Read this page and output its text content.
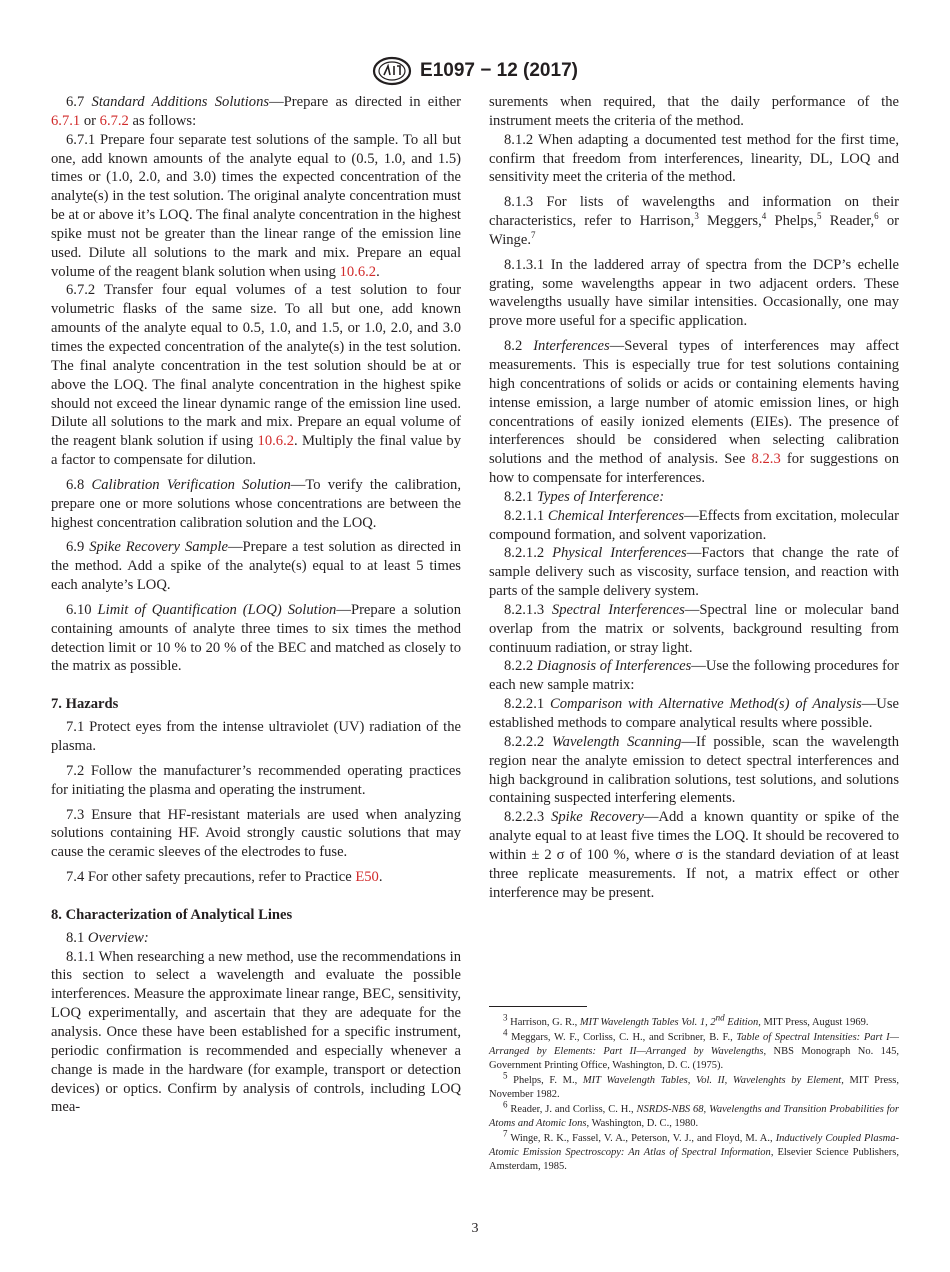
E1097 − 12 (2017)

6.7 Standard Additions Solutions—Prepare as directed in either 6.7.1 or 6.7.2 as follows:

6.7.1 Prepare four separate test solutions of the sample. To all but one, add known amounts of the analyte equal to (0.5, 1.0, and 1.5) times or (1.0, 2.0, and 3.0) times the expected concentration of the analyte(s) in the test solution. The original analyte concentration must be at or above it’s LOQ. The final analyte concentration in the highest spike must not be greater than the linear range of the emission line used. Dilute all solutions to the mark and mix. Prepare an equal volume of the reagent blank solution when using 10.6.2.

6.7.2 Transfer four equal volumes of a test solution to four volumetric flasks of the same size. To all but one, add known amounts of the analyte equal to 0.5, 1.0, and 1.5, or 1.0, 2.0, and 3.0 times the expected concentration of the analyte(s) in the test solution. The final analyte concentration in the test solution should be at or above the LOQ. The final analyte concentration in the highest spike should not exceed the linear dynamic range of the emission line used. Dilute all solutions to the mark and mix. Prepare an equal volume of the reagent blank solution if using 10.6.2. Multiply the final value by a factor to compensate for dilution.

6.8 Calibration Verification Solution—To verify the calibration, prepare one or more solutions whose concentrations are between the highest concentration calibration solution and the LOQ.

6.9 Spike Recovery Sample—Prepare a test solution as directed in the method. Add a spike of the analyte(s) equal to at least 5 times each analyte’s LOQ.

6.10 Limit of Quantification (LOQ) Solution—Prepare a solution containing amounts of analyte three times to six times the method detection limit or 10 % to 20 % of the BEC and matched as closely to the matrix as possible.

7. Hazards

7.1 Protect eyes from the intense ultraviolet (UV) radiation of the plasma.

7.2 Follow the manufacturer’s recommended operating practices for initiating the plasma and operating the instrument.

7.3 Ensure that HF-resistant materials are used when analyzing solutions containing HF. Avoid strongly caustic solutions that may cause the ceramic sleeves of the electrodes to fuse.

7.4 For other safety precautions, refer to Practice E50.

8. Characterization of Analytical Lines

8.1 Overview:

8.1.1 When researching a new method, use the recommendations in this section to select a wavelength and evaluate the possible interferences. Measure the approximate linear range, BEC, sensitivity, LOQ experimentally, and ascertain that they are adequate for the analysis. Once these have been established for a specific instrument, periodic confirmation is recommended and especially whenever a change is made in the hardware (for example, transport or detection devices) or optics. Confirm by analysis of controls, including LOQ mea-

surements when required, that the daily performance of the instrument meets the criteria of the method.

8.1.2 When adapting a documented test method for the first time, confirm that freedom from interferences, linearity, DL, LOQ and sensitivity meet the criteria of the method.

8.1.3 For lists of wavelengths and information on their characteristics, refer to Harrison,$^3$ Meggers,$^4$ Phelps,$^5$ Reader,$^6$ or Winge.$^7$

8.1.3.1 In the laddered array of spectra from the DCP’s echelle grating, some wavelengths appear in two adjacent orders. These wavelengths usually have similar intensities. Occasionally, one may prove more useful for a specific application.

8.2 Interferences—Several types of interferences may affect measurements. This is especially true for test solutions containing high concentrations of solids or acids or containing elements having intense emission, a large number of atomic emission lines, or high concentrations of easily ionized elements (EIEs). The presence of interferences should be considered when selecting calibration solutions and the method of analysis. See 8.2.3 for suggestions on how to compensate for interferences.

8.2.1 Types of Interference:

8.2.1.1 Chemical Interferences—Effects from excitation, molecular compound formation, and solvent vaporization.

8.2.1.2 Physical Interferences—Factors that change the rate of sample delivery such as viscosity, surface tension, and reaction with parts of the sample delivery system.

8.2.1.3 Spectral Interferences—Spectral line or molecular band overlap from the matrix or solvents, background resulting from continuum radiation, or stray light.

8.2.2 Diagnosis of Interferences—Use the following procedures for each new sample matrix:

8.2.2.1 Comparison with Alternative Method(s) of Analysis—Use established methods to compare analytical results where possible.

8.2.2.2 Wavelength Scanning—If possible, scan the wavelength region near the analyte emission to detect spectral interferences and high background in calibration solutions, test solutions, and solutions containing suspected interfering elements.

8.2.2.3 Spike Recovery—Add a known quantity or spike of the analyte equal to at least five times the LOQ. It should be recovered to within ± 2 σ of 100 %, where σ is the standard deviation of at least three replicate measurements. If not, a matrix effect or other interference may be present.

$^3$ Harrison, G. R., MIT Wavelength Tables Vol. 1, 2nd Edition, MIT Press, August 1969.

$^4$ Meggars, W. F., Corliss, C. H., and Scribner, B. F., Table of Spectral Intensities: Part I—Arranged by Elements: Part II—Arranged by Wavelengths, NBS Monograph No. 145, Government Printing Office, Washington, D. C. (1975).

$^5$ Phelps, F. M., MIT Wavelength Tables, Vol. II, Wavelenghts by Element, MIT Press, November 1982.

$^6$ Reader, J. and Corliss, C. H., NSRDS-NBS 68, Wavelengths and Transition Probabilities for Atoms and Atomic Ions, Washington, D. C., 1980.

$^7$ Winge, R. K., Fassel, V. A., Peterson, V. J., and Floyd, M. A., Inductively Coupled Plasma-Atomic Emission Spectroscopy: An Atlas of Spectral Information, Elsevier Science Publishers, Amsterdam, 1985.

3
